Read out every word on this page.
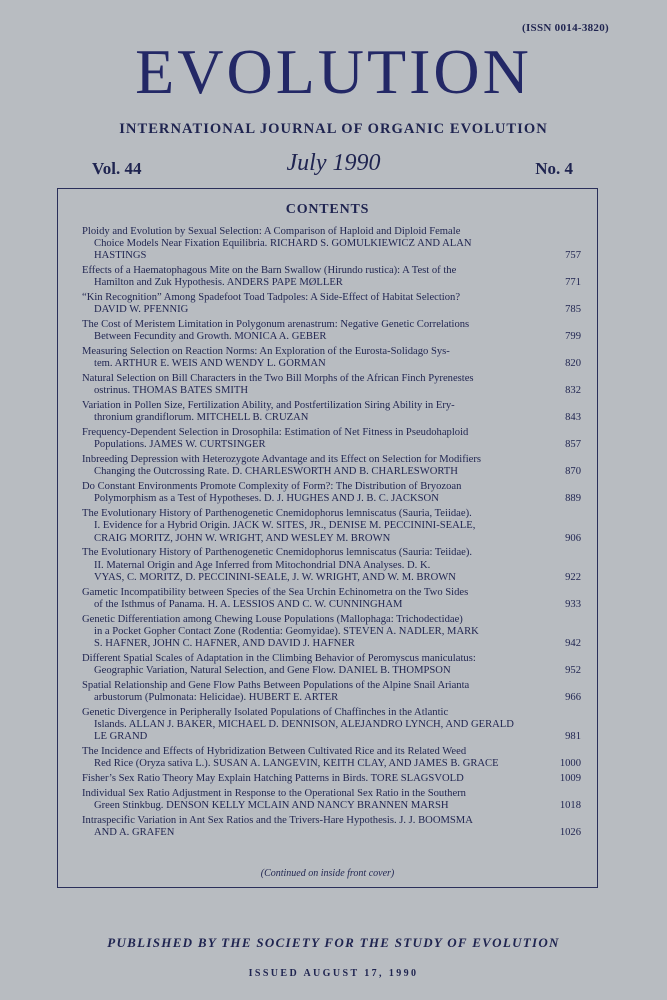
(ISSN 0014-3820)
EVOLUTION
INTERNATIONAL JOURNAL OF ORGANIC EVOLUTION
Vol. 44	July 1990	No. 4
CONTENTS
Ploidy and Evolution by Sexual Selection: A Comparison of Haploid and Diploid Female
Choice Models Near Fixation Equilibria. RICHARD S. GOMULKIEWICZ AND ALAN
HASTINGS	757
Effects of a Haematophagous Mite on the Barn Swallow (Hirundo rustica): A Test of the
Hamilton and Zuk Hypothesis. ANDERS PAPE MØLLER	771
“Kin Recognition” Among Spadefoot Toad Tadpoles: A Side-Effect of Habitat Selection?
DAVID W. PFENNIG	785
The Cost of Meristem Limitation in Polygonum arenastrum: Negative Genetic Correlations
Between Fecundity and Growth. MONICA A. GEBER	799
Measuring Selection on Reaction Norms: An Exploration of the Eurosta-Solidago Sys-
tem. ARTHUR E. WEIS AND WENDY L. GORMAN	820
Natural Selection on Bill Characters in the Two Bill Morphs of the African Finch Pyrenestes
ostrinus. THOMAS BATES SMITH	832
Variation in Pollen Size, Fertilization Ability, and Postfertilization Siring Ability in Ery-
thronium grandiflorum. MITCHELL B. CRUZAN	843
Frequency-Dependent Selection in Drosophila: Estimation of Net Fitness in Pseudohaploid
Populations. JAMES W. CURTSINGER	857
Inbreeding Depression with Heterozygote Advantage and its Effect on Selection for Modifiers
Changing the Outcrossing Rate. D. CHARLESWORTH AND B. CHARLESWORTH	870
Do Constant Environments Promote Complexity of Form?: The Distribution of Bryozoan
Polymorphism as a Test of Hypotheses. D. J. HUGHES AND J. B. C. JACKSON	889
The Evolutionary History of Parthenogenetic Cnemidophorus lemniscatus (Sauria, Teiidae).
I. Evidence for a Hybrid Origin. JACK W. SITES, JR., DENISE M. PECCININI-SEALE,
CRAIG MORITZ, JOHN W. WRIGHT, AND WESLEY M. BROWN	906
The Evolutionary History of Parthenogenetic Cnemidophorus lemniscatus (Sauria: Teiidae).
II. Maternal Origin and Age Inferred from Mitochondrial DNA Analyses. D. K.
VYAS, C. MORITZ, D. PECCININI-SEALE, J. W. WRIGHT, AND W. M. BROWN	922
Gametic Incompatibility between Species of the Sea Urchin Echinometra on the Two Sides
of the Isthmus of Panama. H. A. LESSIOS AND C. W. CUNNINGHAM	933
Genetic Differentiation among Chewing Louse Populations (Mallophaga: Trichodectidae)
in a Pocket Gopher Contact Zone (Rodentia: Geomyidae). STEVEN A. NADLER, MARK
S. HAFNER, JOHN C. HAFNER, AND DAVID J. HAFNER	942
Different Spatial Scales of Adaptation in the Climbing Behavior of Peromyscus maniculatus:
Geographic Variation, Natural Selection, and Gene Flow. DANIEL B. THOMPSON	952
Spatial Relationship and Gene Flow Paths Between Populations of the Alpine Snail Arianta
arbustorum (Pulmonata: Helicidae). HUBERT E. ARTER	966
Genetic Divergence in Peripherally Isolated Populations of Chaffinches in the Atlantic
Islands. ALLAN J. BAKER, MICHAEL D. DENNISON, ALEJANDRO LYNCH, AND GERALD
LE GRAND	981
The Incidence and Effects of Hybridization Between Cultivated Rice and its Related Weed
Red Rice (Oryza sativa L.). SUSAN A. LANGEVIN, KEITH CLAY, AND JAMES B. GRACE	1000
Fisher’s Sex Ratio Theory May Explain Hatching Patterns in Birds. TORE SLAGSVOLD	1009
Individual Sex Ratio Adjustment in Response to the Operational Sex Ratio in the Southern
Green Stinkbug. DENSON KELLY MCLAIN AND NANCY BRANNEN MARSH	1018
Intraspecific Variation in Ant Sex Ratios and the Trivers-Hare Hypothesis. J. J. BOOMSMA
AND A. GRAFEN	1026
(Continued on inside front cover)
PUBLISHED BY THE SOCIETY FOR THE STUDY OF EVOLUTION
ISSUED AUGUST 17, 1990
